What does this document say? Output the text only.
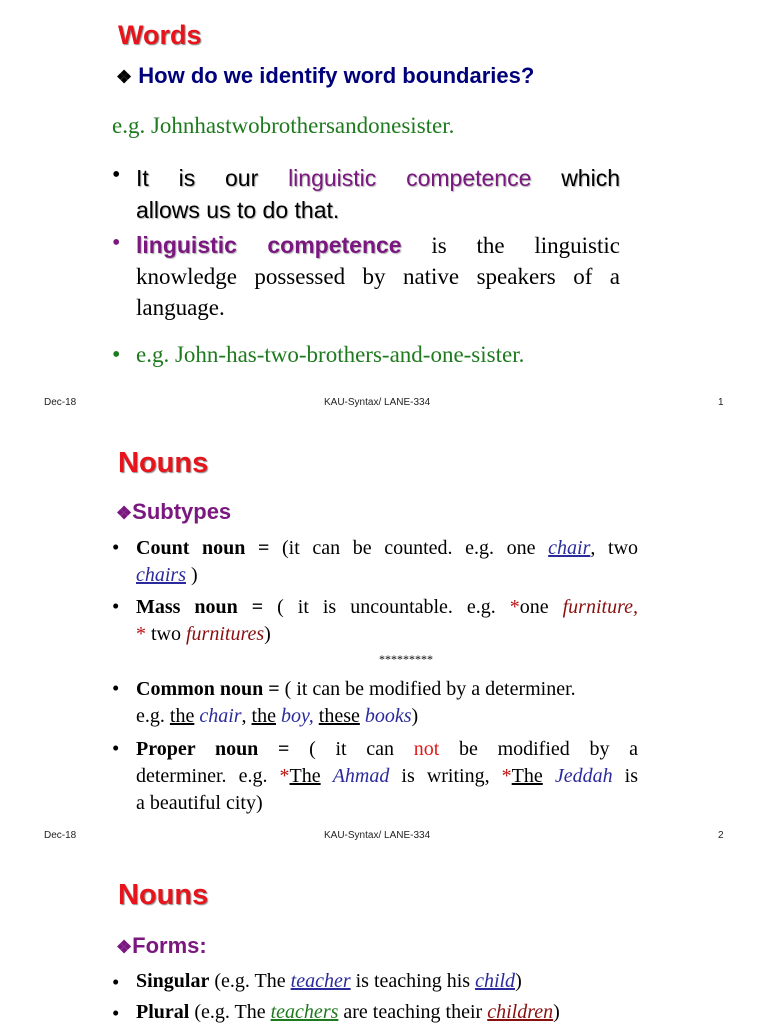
Words
❖ How do we identify word boundaries?
e.g. Johnhastwobrothersandonesister.
• It is our linguistic competence which
allows us to do that.
• linguistic competence is the linguistic
knowledge possessed by native speakers of a
language.
• e.g. John-has-two-brothers-and-one-sister.
Dec-18	KAU-Syntax/ LANE-334	1
Nouns
❖Subtypes
• Count noun = (it can be counted. e.g. one chair, two
chairs )
• Mass noun = ( it is uncountable. e.g. *one furniture,
* two furnitures)
*********
• Common noun = ( it can be modified by a determiner.
e.g. the chair, the boy, these books)
• Proper noun = ( it can not be modified by a
determiner. e.g. *The Ahmad is writing, *The Jeddah is
a beautiful city)
Dec-18	KAU-Syntax/ LANE-334	2
Nouns
❖Forms:
• Singular (e.g. The teacher is teaching his child)
• Plural (e.g. The teachers are teaching their children)
